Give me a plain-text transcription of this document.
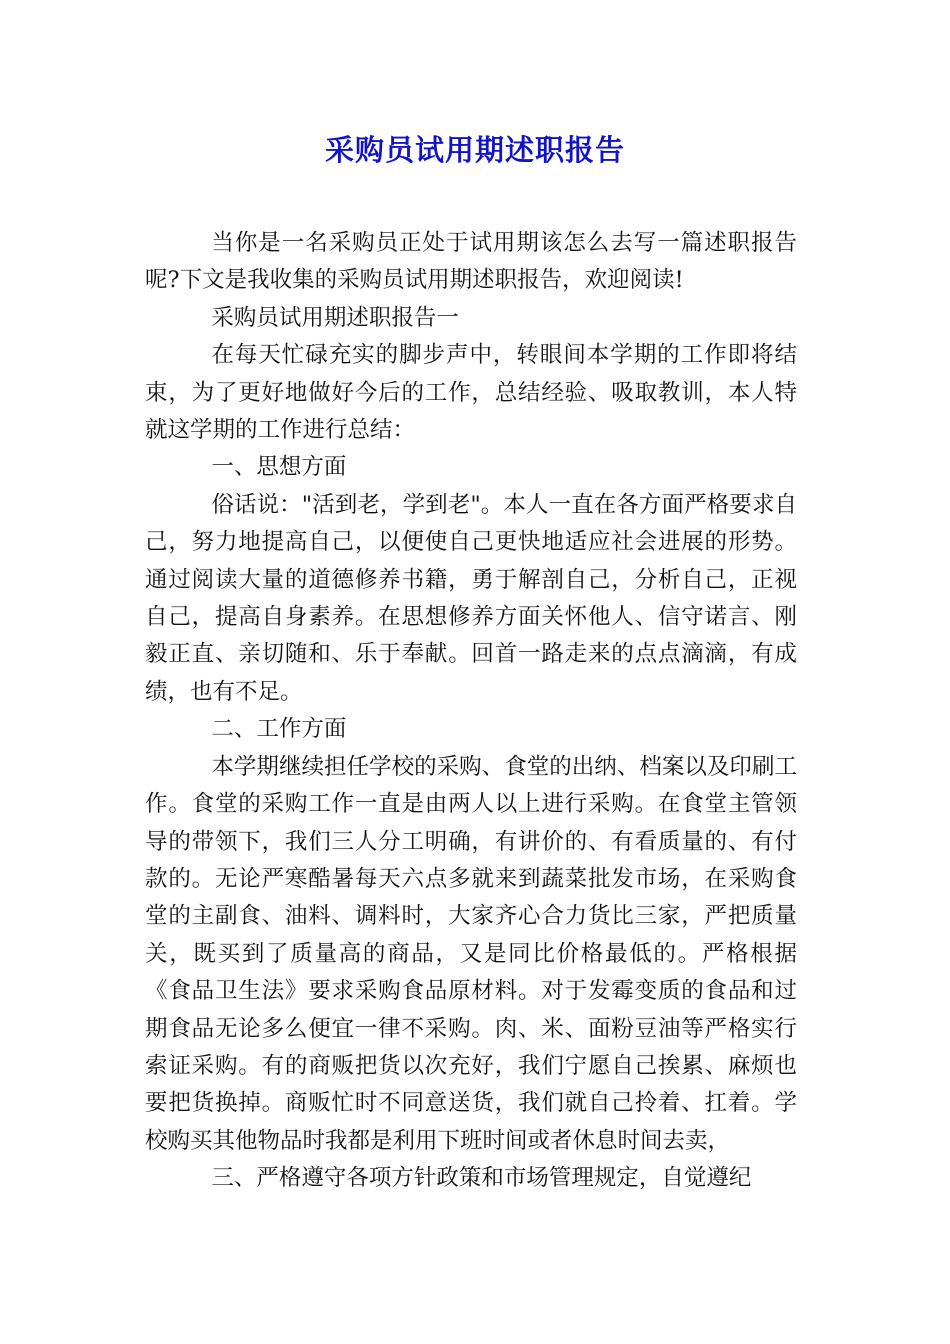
采购员试用期述职报告

当你是一名采购员正处于试用期该怎么去写一篇述职报告呢?下文是我收集的采购员试用期述职报告，欢迎阅读!

采购员试用期述职报告一

在每天忙碌充实的脚步声中，转眼间本学期的工作即将结束，为了更好地做好今后的工作，总结经验、吸取教训，本人特就这学期的工作进行总结：

一、思想方面

俗话说："活到老，学到老"。本人一直在各方面严格要求自己，努力地提高自己，以便使自己更快地适应社会进展的形势。通过阅读大量的道德修养书籍，勇于解剖自己，分析自己，正视自己，提高自身素养。在思想修养方面关怀他人、信守诺言、刚毅正直、亲切随和、乐于奉献。回首一路走来的点点滴滴，有成绩，也有不足。

二、工作方面

本学期继续担任学校的采购、食堂的出纳、档案以及印刷工作。食堂的采购工作一直是由两人以上进行采购。在食堂主管领导的带领下，我们三人分工明确，有讲价的、有看质量的、有付款的。无论严寒酷暑每天六点多就来到蔬菜批发市场，在采购食堂的主副食、油料、调料时，大家齐心合力货比三家，严把质量关，既买到了质量高的商品，又是同比价格最低的。严格根据《食品卫生法》要求采购食品原材料。对于发霉变质的食品和过期食品无论多么便宜一律不采购。肉、米、面粉豆油等严格实行索证采购。有的商贩把货以次充好，我们宁愿自己挨累、麻烦也要把货换掉。商贩忙时不同意送货，我们就自己拎着、扛着。学校购买其他物品时我都是利用下班时间或者休息时间去卖，

三、严格遵守各项方针政策和市场管理规定，自觉遵纪
